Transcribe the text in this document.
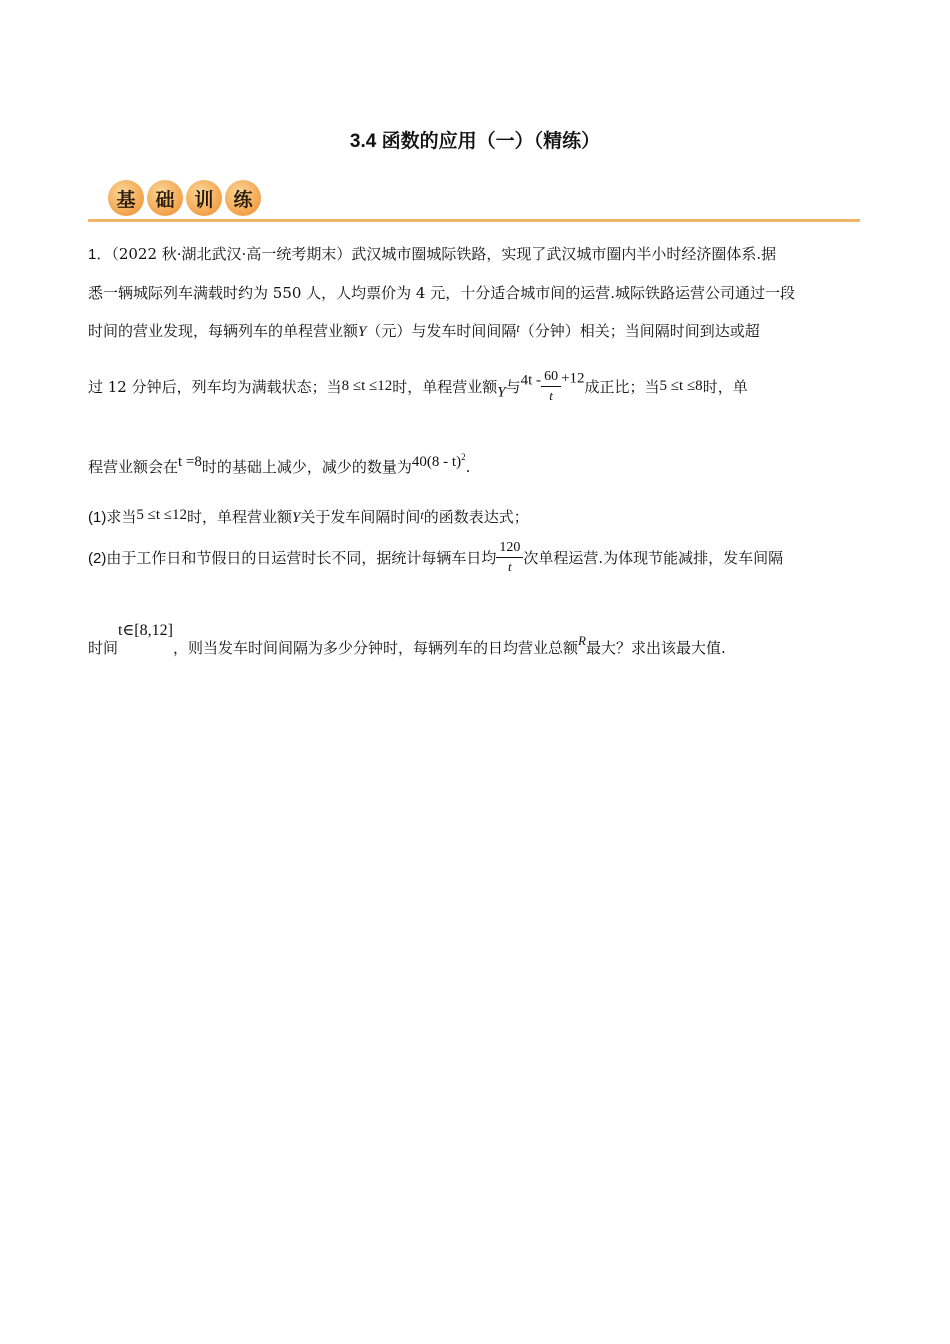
3.4 函数的应用（一）（精练）
基	础	训	练
1．（2022 秋·湖北武汉·高一统考期末）武汉城市圈城际铁路，实现了武汉城市圈内半小时经济圈体系.据
悉一辆城际列车满载时约为 550 人，人均票价为 4 元，十分适合城市间的运营.城际铁路运营公司通过一段
时间的营业发现，每辆列车的单程营业额Y（元）与发车时间间隔$^t$（分钟）相关；当间隔时间到达或超
过 12 分钟后，列车均为满载状态；当8 ≤t ≤12时，单程营业额Y与$4t - \frac{60}{t} +12$成正比；当5 ≤t ≤8时，单
程营业额会在t =8时的基础上减少，减少的数量为40(8 - t)$^2$.
(1)求当5 ≤t ≤12时，单程营业额Y关于发车间隔时间$^t$的函数表达式；
(2)由于工作日和节假日的日运营时长不同，据统计每辆车日均 $\frac{120}{t}$ 次单程运营.为体现节能减排，发车间隔
时间t∈[8,12]，则当发车时间间隔为多少分钟时，每辆列车的日均营业总额R最大？求出该最大值.
